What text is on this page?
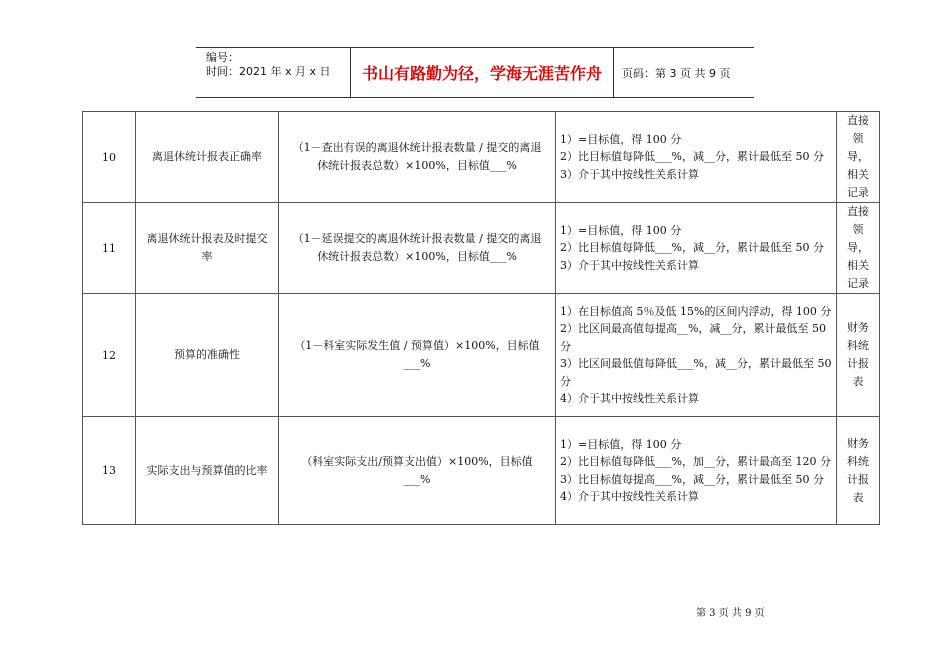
编号：
时间：2021 年 x 月 x 日	书山有路勤为径，学海无涯苦作舟	页码：第 3 页 共 9 页
10	离退休统计报表正确率	（1－查出有误的离退休统计报表数量 / 提交的离退休统计报表总数）×100%，目标值___%	1）=目标值，得 100 分
2）比目标值每降低___%，减__分，累计最低至 50 分
3）介于其中按线性关系计算	直接领导，相关记录
11	离退休统计报表及时提交率	（1－延误提交的离退休统计报表数量 / 提交的离退休统计报表总数）×100%，目标值___%	1）=目标值，得 100 分
2）比目标值每降低___%，减__分，累计最低至 50 分
3）介于其中按线性关系计算	直接领导，相关记录
12	预算的准确性	（1－科室实际发生值 / 预算值）×100%，目标值___%	1）在目标值高 5％及低 15%的区间内浮动，得 100 分
2）比区间最高值每提高__%，减__分，累计最低至 50 分
3）比区间最低值每降低___%，减__分，累计最低至 50 分
4）介于其中按线性关系计算	财务科统计报表
13	实际支出与预算值的比率	（科室实际支出/预算支出值）×100%，目标值___%	1）=目标值，得 100 分
2）比目标值每降低___%，加__分，累计最高至 120 分
3）比目标值每提高___%，减__分，累计最低至 50 分
4）介于其中按线性关系计算	财务科统计报表
第 3 页 共 9 页
